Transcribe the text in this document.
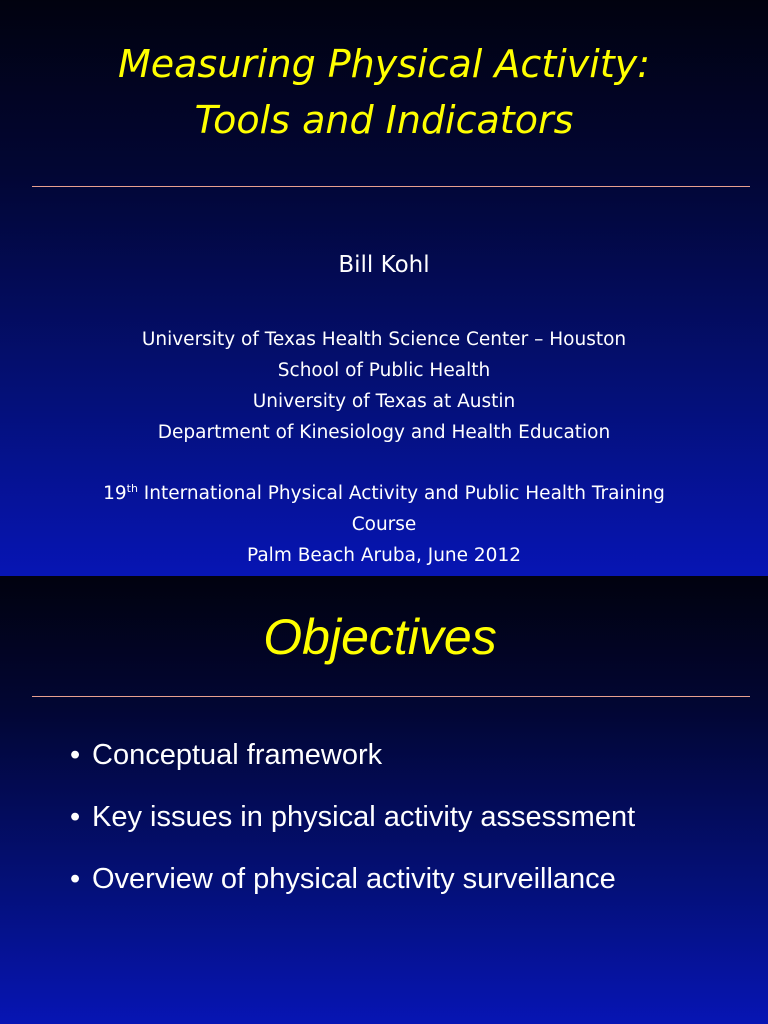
Measuring Physical Activity:
Tools and Indicators
Bill Kohl
University of Texas Health Science Center – Houston
School of Public Health
University of Texas at Austin
Department of Kinesiology and Health Education
19th International Physical Activity and Public Health Training
Course
Palm Beach Aruba, June 2012
Objectives
• Conceptual framework
• Key issues in physical activity assessment
• Overview of physical activity surveillance
